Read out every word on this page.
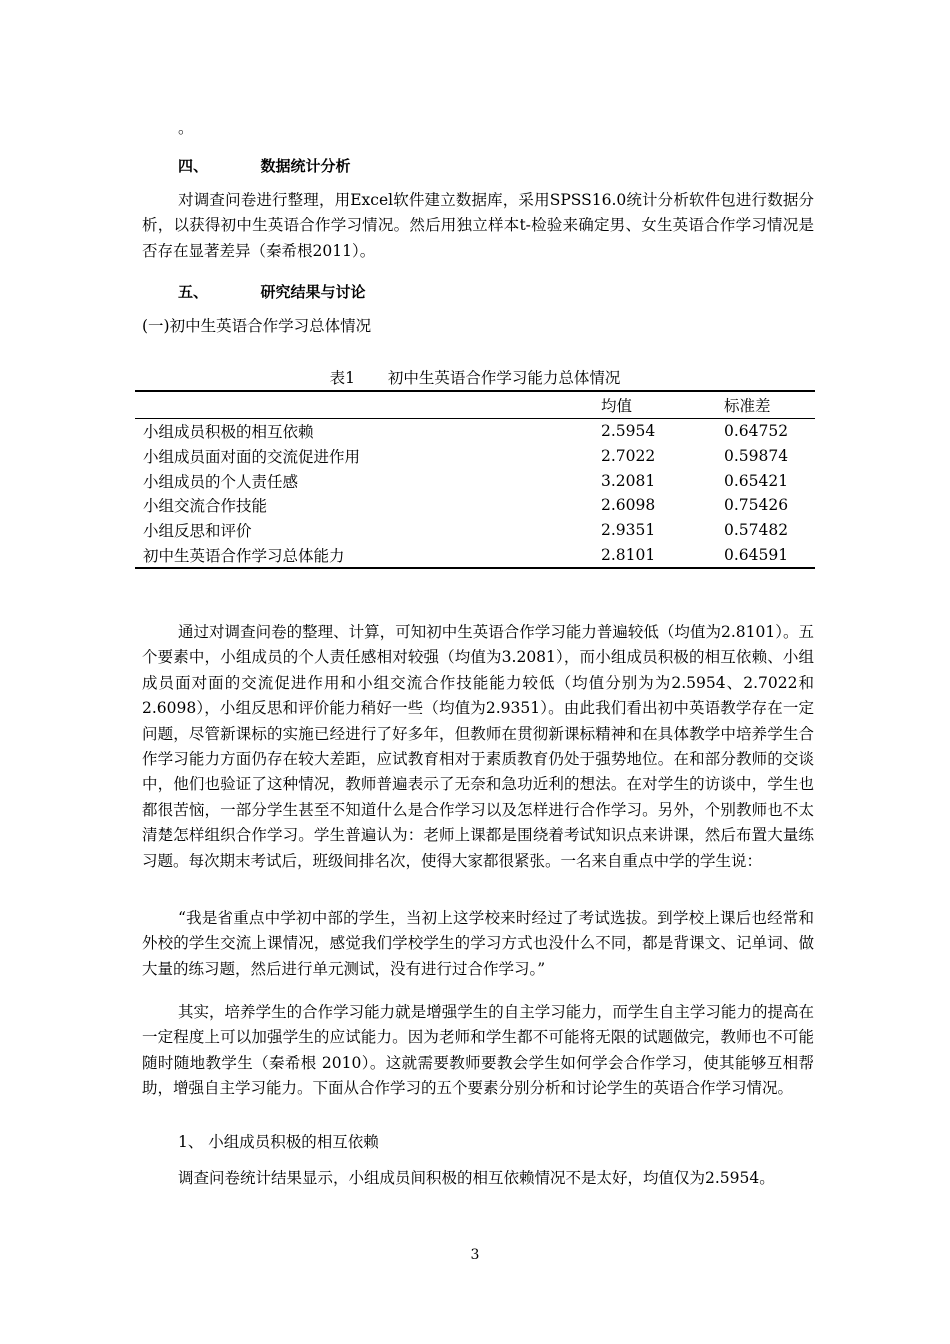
。
四、	数据统计分析
对调查问卷进行整理，用Excel软件建立数据库，采用SPSS16.0统计分析软件包进行数据分析，以获得初中生英语合作学习情况。然后用独立样本t-检验来确定男、女生英语合作学习情况是否存在显著差异（秦希根2011）。
五、	研究结果与讨论
(一)初中生英语合作学习总体情况
表1 初中生英语合作学习能力总体情况
	均值	标准差
小组成员积极的相互依赖	2.5954	0.64752
小组成员面对面的交流促进作用	2.7022	0.59874
小组成员的个人责任感	3.2081	0.65421
小组交流合作技能	2.6098	0.75426
小组反思和评价	2.9351	0.57482
初中生英语合作学习总体能力	2.8101	0.64591
通过对调查问卷的整理、计算，可知初中生英语合作学习能力普遍较低（均值为2.8101）。五个要素中，小组成员的个人责任感相对较强（均值为3.2081），而小组成员积极的相互依赖、小组成员面对面的交流促进作用和小组交流合作技能能力较低（均值分别为为2.5954、2.7022和2.6098），小组反思和评价能力稍好一些（均值为2.9351）。由此我们看出初中英语教学存在一定问题，尽管新课标的实施已经进行了好多年，但教师在贯彻新课标精神和在具体教学中培养学生合作学习能力方面仍存在较大差距，应试教育相对于素质教育仍处于强势地位。在和部分教师的交谈中，他们也验证了这种情况，教师普遍表示了无奈和急功近利的想法。在对学生的访谈中，学生也都很苦恼，一部分学生甚至不知道什么是合作学习以及怎样进行合作学习。另外，个别教师也不太清楚怎样组织合作学习。学生普遍认为：老师上课都是围绕着考试知识点来讲课，然后布置大量练习题。每次期末考试后，班级间排名次，使得大家都很紧张。一名来自重点中学的学生说：
“我是省重点中学初中部的学生，当初上这学校来时经过了考试选拔。到学校上课后也经常和外校的学生交流上课情况，感觉我们学校学生的学习方式也没什么不同，都是背课文、记单词、做大量的练习题，然后进行单元测试，没有进行过合作学习。”
其实，培养学生的合作学习能力就是增强学生的自主学习能力，而学生自主学习能力的提高在一定程度上可以加强学生的应试能力。因为老师和学生都不可能将无限的试题做完，教师也不可能随时随地教学生（秦希根 2010）。这就需要教师要教会学生如何学会合作学习，使其能够互相帮助，增强自主学习能力。下面从合作学习的五个要素分别分析和讨论学生的英语合作学习情况。
1、 小组成员积极的相互依赖
调查问卷统计结果显示，小组成员间积极的相互依赖情况不是太好，均值仅为2.5954。
3
